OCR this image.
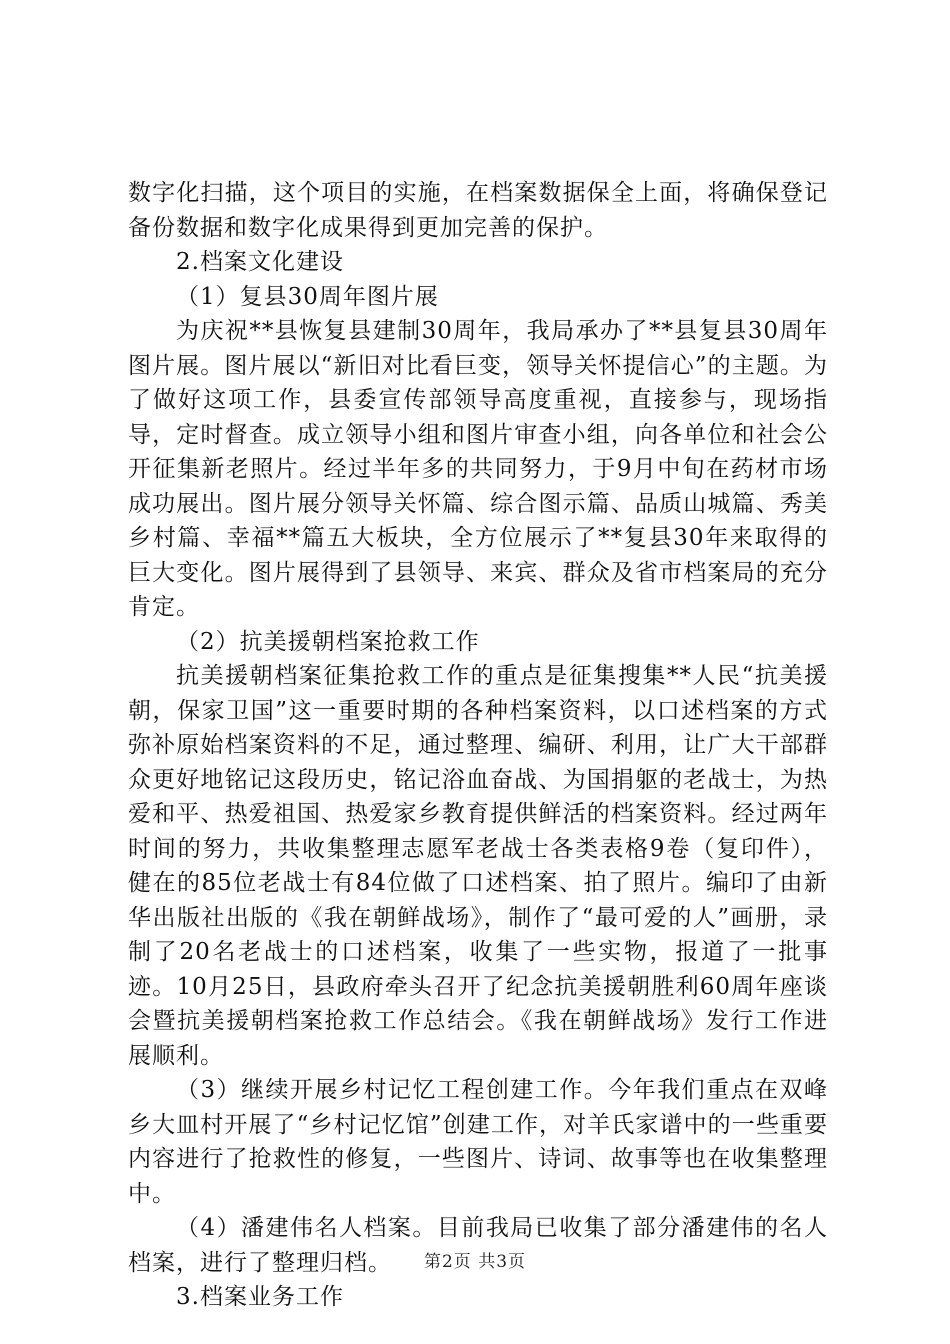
数字化扫描，这个项目的实施，在档案数据保全上面，将确保登记备份数据和数字化成果得到更加完善的保护。

2.档案文化建设

（1）复县30周年图片展

为庆祝**县恢复县建制30周年，我局承办了**县复县30周年图片展。图片展以“新旧对比看巨变，领导关怀提信心”的主题。为了做好这项工作，县委宣传部领导高度重视，直接参与，现场指导，定时督查。成立领导小组和图片审查小组，向各单位和社会公开征集新老照片。经过半年多的共同努力，于9月中旬在药材市场成功展出。图片展分领导关怀篇、综合图示篇、品质山城篇、秀美乡村篇、幸福**篇五大板块，全方位展示了**复县30年来取得的巨大变化。图片展得到了县领导、来宾、群众及省市档案局的充分肯定。

（2）抗美援朝档案抢救工作

抗美援朝档案征集抢救工作的重点是征集搜集**人民“抗美援朝，保家卫国”这一重要时期的各种档案资料，以口述档案的方式弥补原始档案资料的不足，通过整理、编研、利用，让广大干部群众更好地铭记这段历史，铭记浴血奋战、为国捐躯的老战士，为热爱和平、热爱祖国、热爱家乡教育提供鲜活的档案资料。经过两年时间的努力，共收集整理志愿军老战士各类表格9卷（复印件），健在的85位老战士有84位做了口述档案、拍了照片。编印了由新华出版社出版的《我在朝鲜战场》，制作了“最可爱的人”画册，录制了20名老战士的口述档案，收集了一些实物，报道了一批事迹。10月25日，县政府牵头召开了纪念抗美援朝胜利60周年座谈会暨抗美援朝档案抢救工作总结会。《我在朝鲜战场》发行工作进展顺利。

（3）继续开展乡村记忆工程创建工作。今年我们重点在双峰乡大皿村开展了“乡村记忆馆”创建工作，对羊氏家谱中的一些重要内容进行了抢救性的修复，一些图片、诗词、故事等也在收集整理中。

（4）潘建伟名人档案。目前我局已收集了部分潘建伟的名人档案，进行了整理归档。

3.档案业务工作

第2页 共3页
